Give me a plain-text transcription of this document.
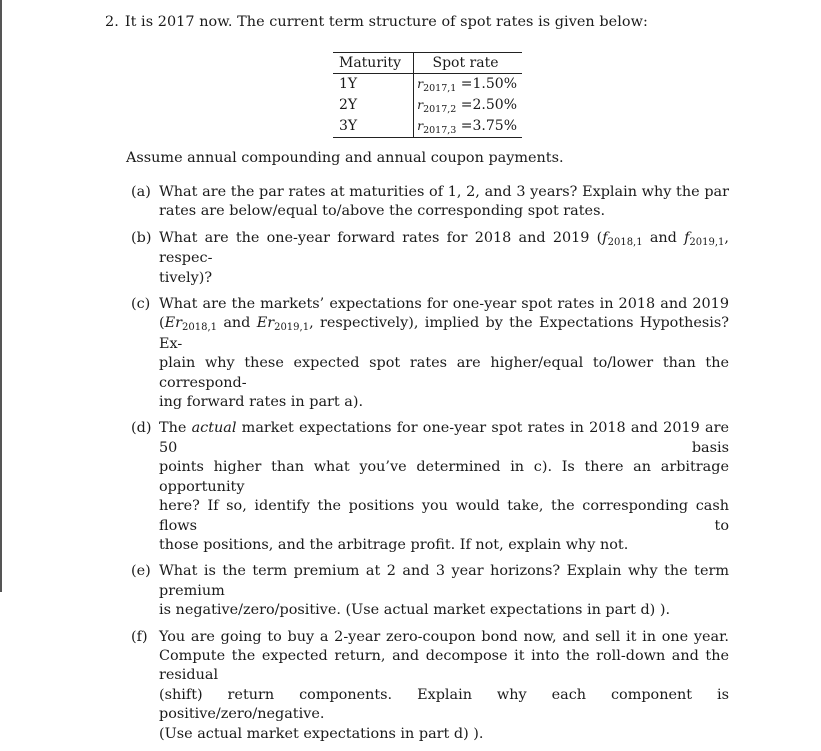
2. It is 2017 now. The current term structure of spot rates is given below:
Maturity	Spot rate
1Y	$r_{2017,1} =1.50\%$
2Y	$r_{2017,2} =2.50\%$
3Y	$r_{2017,3} =3.75\%$
Assume annual compounding and annual coupon payments.
(a) What are the par rates at maturities of 1, 2, and 3 years? Explain why the par
rates are below/equal to/above the corresponding spot rates.
(b) What are the one-year forward rates for 2018 and 2019 ($f_{2018,1}$ and $f_{2019,1}$, respec-
tively)?
(c) What are the markets’ expectations for one-year spot rates in 2018 and 2019
($Er_{2018,1}$ and $Er_{2019,1}$, respectively), implied by the Expectations Hypothesis? Ex-
plain why these expected spot rates are higher/equal to/lower than the correspond-
ing forward rates in part a).
(d) The actual market expectations for one-year spot rates in 2018 and 2019 are 50 basis
points higher than what you’ve determined in c). Is there an arbitrage opportunity
here? If so, identify the positions you would take, the corresponding cash flows to
those positions, and the arbitrage profit. If not, explain why not.
(e) What is the term premium at 2 and 3 year horizons? Explain why the term premium
is negative/zero/positive. (Use actual market expectations in part d) ).
(f) You are going to buy a 2-year zero-coupon bond now, and sell it in one year.
Compute the expected return, and decompose it into the roll-down and the residual
(shift) return components. Explain why each component is positive/zero/negative.
(Use actual market expectations in part d) ).
